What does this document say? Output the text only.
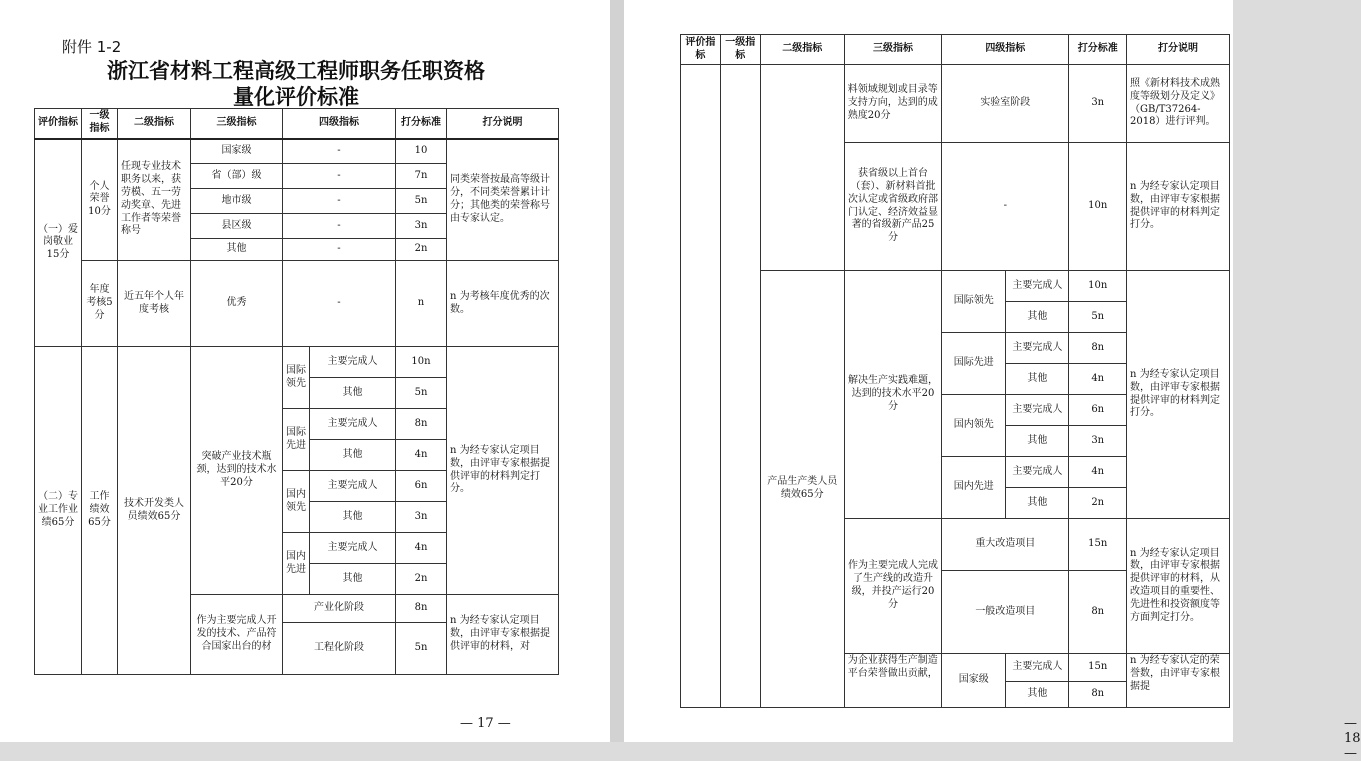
附件 1-2
浙江省材料工程高级工程师职务任职资格
量化评价标准
评价指标	一级指标	二级指标	三级指标	四级指标		打分标准	打分说明
（一）爱岗敬业15分	个人荣誉10分	任现专业技术职务以来，获劳模、五一劳动奖章、先进工作者等荣誉称号	国家级	-		10	同类荣誉按最高等级计分，不同类荣誉累计计分；其他类的荣誉称号由专家认定。
			省（部）级	-		7n	
			地市级	-		5n	
			县区级	-		3n	
			其他	-		2n	
	年度考核5分	近五年个人年度考核	优秀	-		n	n 为考核年度优秀的次数。
（二）专业工作业绩65分	工作绩效65分	技术开发类人员绩效65分	突破产业技术瓶颈，达到的技术水平20分	国际领先	主要完成人	10n	n 为经专家认定项目数，由评审专家根据提供评审的材料判定打分。
					其他	5n	
				国际先进	主要完成人	8n	
					其他	4n	
				国内领先	主要完成人	6n	
					其他	3n	
				国内先进	主要完成人	4n	
					其他	2n	
			作为主要完成人开发的技术、产品符合国家出台的材	产业化阶段		8n	n 为经专家认定项目数，由评审专家根据提供评审的材料，对
				工程化阶段		5n	
— 17 —
评价指标	一级指标	二级指标	三级指标	四级指标		打分标准	打分说明
			料领域规划或目录等支持方向，达到的成熟度20分	实验室阶段		3n	照《新材料技术成熟度等级划分及定义》（GB/T37264-2018）进行评判。
			获省级以上首台（套）、新材料首批次认定或省级政府部门认定、经济效益显著的省级新产品25分	-		10n	n 为经专家认定项目数，由评审专家根据提供评审的材料判定打分。
		产品生产类人员绩效65分	解决生产实践难题，达到的技术水平20分	国际领先	主要完成人	10n	n 为经专家认定项目数，由评审专家根据提供评审的材料判定打分。
					其他	5n	
				国际先进	主要完成人	8n	
					其他	4n	
				国内领先	主要完成人	6n	
					其他	3n	
				国内先进	主要完成人	4n	
					其他	2n	
			作为主要完成人完成了生产线的改造升级，并投产运行20分	重大改造项目		15n	n 为经专家认定项目数，由评审专家根据提供评审的材料，从改造项目的重要性、先进性和投资额度等方面判定打分。
				一般改造项目		8n	
			为企业获得生产制造平台荣誉做出贡献，	国家级	主要完成人	15n	n 为经专家认定的荣誉数，由评审专家根据提
					其他	8n	
— 18 —
